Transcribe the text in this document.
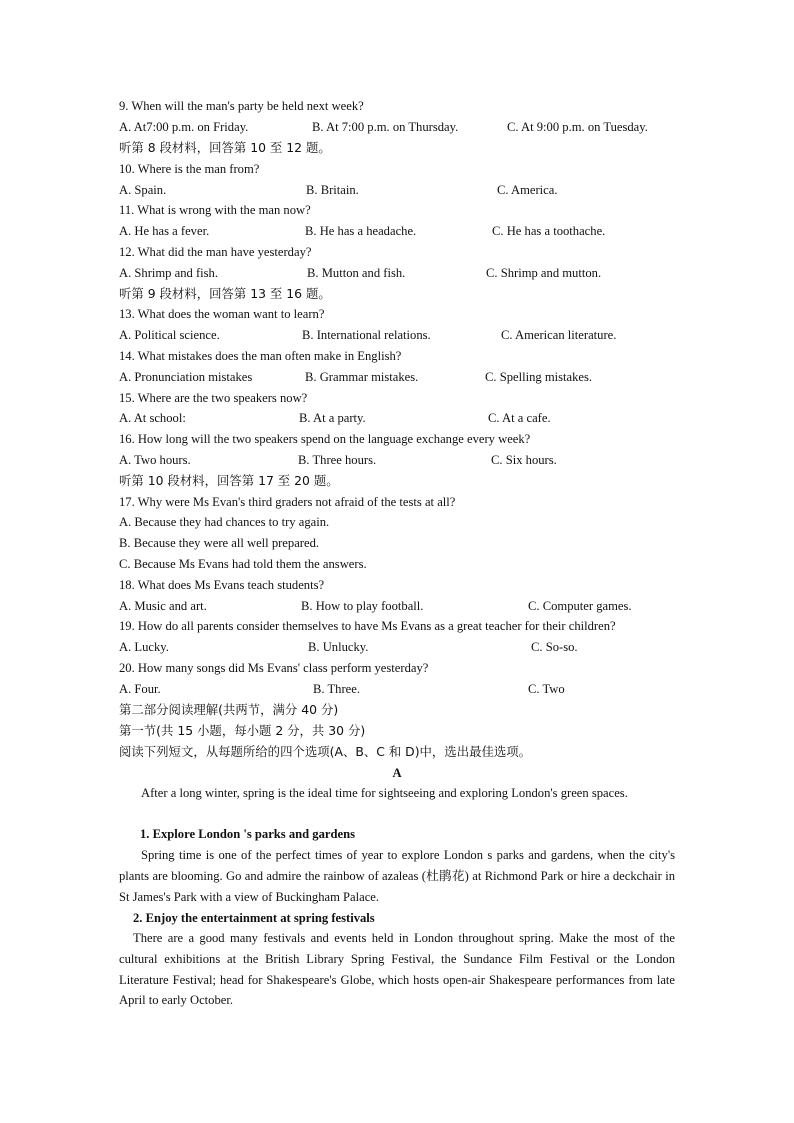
9. When will the man's party be held next week?
A. At7:00 p.m. on Friday.	B. At 7:00 p.m. on Thursday.	C. At 9:00 p.m. on Tuesday.
听第 8 段材料，回答第 10 至 12 题。
10. Where is the man from?
A. Spain.	B. Britain.	C. America.
11. What is wrong with the man now?
A. He has a fever.	B. He has a headache.	C. He has a toothache.
12. What did the man have yesterday?
A. Shrimp and fish.	B. Mutton and fish.	C. Shrimp and mutton.
听第 9 段材料，回答第 13 至 16 题。
13. What does the woman want to learn?
A. Political science.	B. International relations.	C. American literature.
14. What mistakes does the man often make in English?
A. Pronunciation mistakes	B. Grammar mistakes.	C. Spelling mistakes.
15. Where are the two speakers now?
A. At school:	B. At a party.	C. At a cafe.
16. How long will the two speakers spend on the language exchange every week?
A. Two hours.	B. Three hours.	C. Six hours.
听第 10 段材料，回答第 17 至 20 题。
17. Why were Ms Evan's third graders not afraid of the tests at all?
A. Because they had chances to try again.
B. Because they were all well prepared.
C. Because Ms Evans had told them the answers.
18. What does Ms Evans teach students?
A. Music and art.	B. How to play football.	C. Computer games.
19. How do all parents consider themselves to have Ms Evans as a great teacher for their children?
A. Lucky.	B. Unlucky.	C. So-so.
20. How many songs did Ms Evans' class perform yesterday?
A. Four.	B. Three.	C. Two
第二部分阅读理解(共两节，满分 40 分)
第一节(共 15 小题，每小题 2 分，共 30 分)
阅读下列短文，从每题所给的四个选项(A、B、C 和 D)中，选出最佳选项。
A
After a long winter, spring is the ideal time for sightseeing and exploring London's green spaces.
1. Explore London 's parks and gardens
Spring time is one of the perfect times of year to explore London s parks and gardens, when the city's plants are blooming. Go and admire the rainbow of azaleas (杜鹃花) at Richmond Park or hire a deckchair in St James's Park with a view of Buckingham Palace.
2. Enjoy the entertainment at spring festivals
There are a good many festivals and events held in London throughout spring. Make the most of the cultural exhibitions at the British Library Spring Festival, the Sundance Film Festival or the London Literature Festival; head for Shakespeare's Globe, which hosts open-air Shakespeare performances from late April to early October.
